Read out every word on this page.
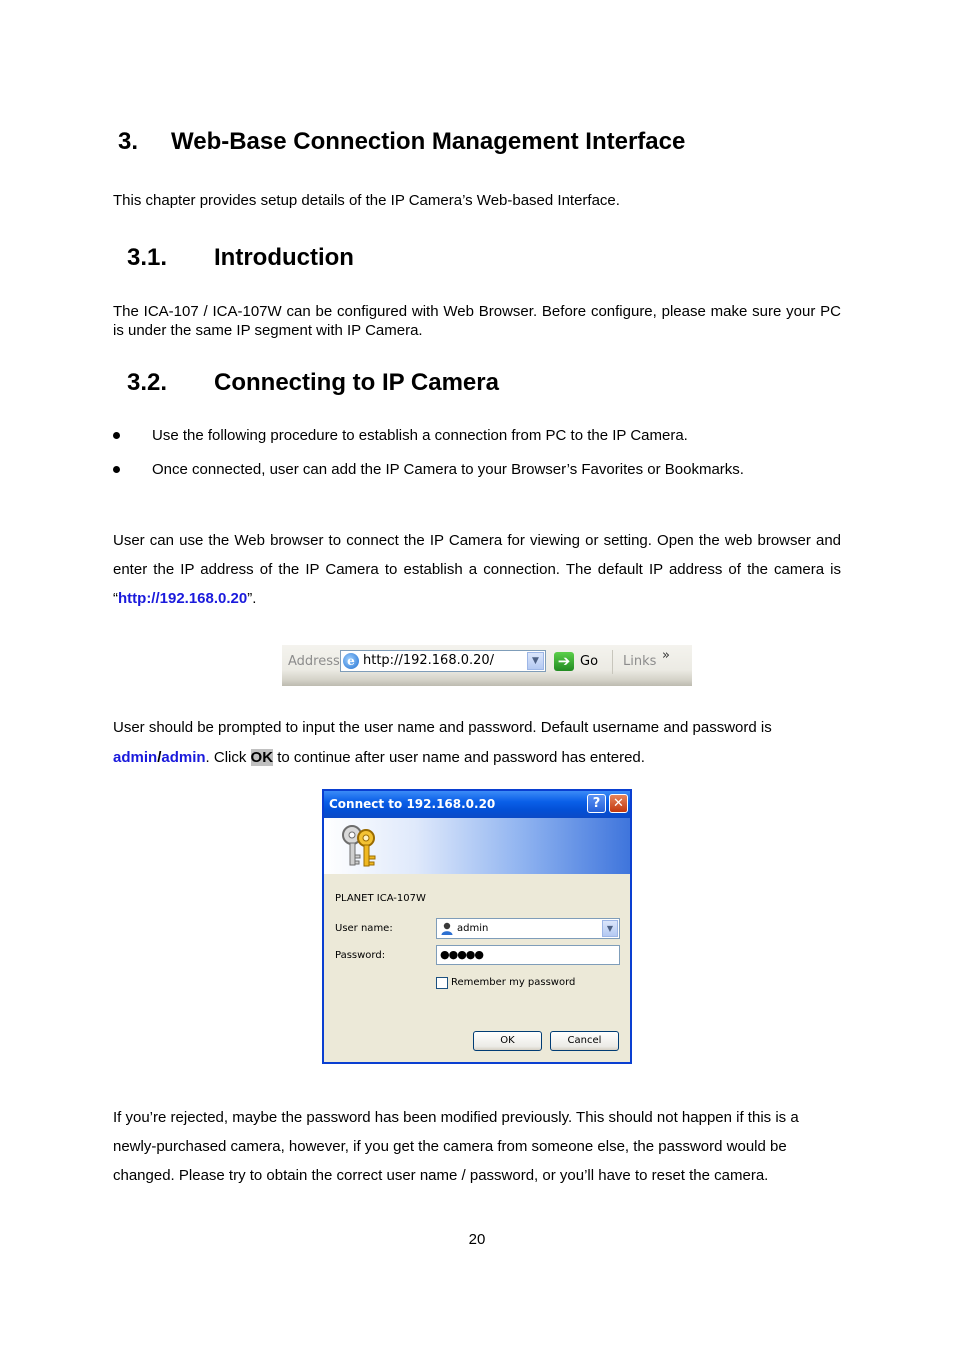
3. Web-Base Connection Management Interface
This chapter provides setup details of the IP Camera’s Web-based Interface.
3.1. Introduction
The ICA-107 / ICA-107W can be configured with Web Browser. Before configure, please make sure your PC is under the same IP segment with IP Camera.
3.2. Connecting to IP Camera
Use the following procedure to establish a connection from PC to the IP Camera.
Once connected, user can add the IP Camera to your Browser’s Favorites or Bookmarks.
User can use the Web browser to connect the IP Camera for viewing or setting. Open the web browser and enter the IP address of the IP Camera to establish a connection. The default IP address of the camera is “http://192.168.0.20”.
Address e http://192.168.0.20/	▼	➔ Go Links »
User should be prompted to input the user name and password. Default username and password is admin/admin. Click OK to continue after user name and password has entered.
Connect to 192.168.0.20	? ✕
PLANET ICA-107W
User name:	admin	▼
Password:	●●●●●
Remember my password
OK	Cancel
If you’re rejected, maybe the password has been modified previously. This should not happen if this is a newly-purchased camera, however, if you get the camera from someone else, the password would be changed. Please try to obtain the correct user name / password, or you’ll have to reset the camera.
20
